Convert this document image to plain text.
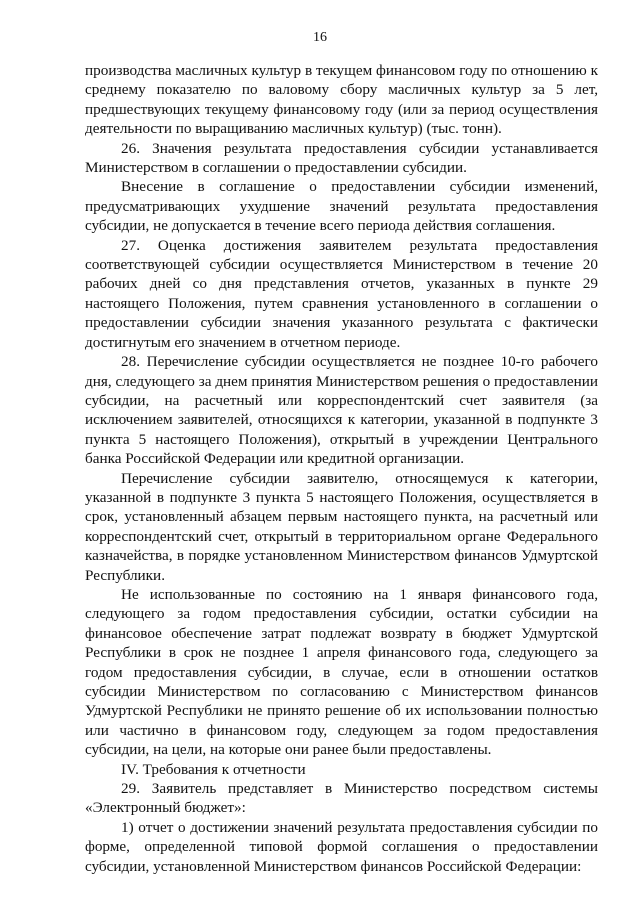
16

производства масличных культур в текущем финансовом году по отношению к среднему показателю по валовому сбору масличных культур за 5 лет, предшествующих текущему финансовому году (или за период осуществления деятельности по выращиванию масличных культур) (тыс. тонн).

26. Значения результата предоставления субсидии устанавливается Министерством в соглашении о предоставлении субсидии.

Внесение в соглашение о предоставлении субсидии изменений, предусматривающих ухудшение значений результата предоставления субсидии, не допускается в течение всего периода действия соглашения.

27. Оценка достижения заявителем результата предоставления соответствующей субсидии осуществляется Министерством в течение 20 рабочих дней со дня представления отчетов, указанных в пункте 29 настоящего Положения, путем сравнения установленного в соглашении о предоставлении субсидии значения указанного результата с фактически достигнутым его значением в отчетном периоде.

28. Перечисление субсидии осуществляется не позднее 10-го рабочего дня, следующего за днем принятия Министерством решения о предоставлении субсидии, на расчетный или корреспондентский счет заявителя (за исключением заявителей, относящихся к категории, указанной в подпункте 3 пункта 5 настоящего Положения), открытый в учреждении Центрального банка Российской Федерации или кредитной организации.

Перечисление субсидии заявителю, относящемуся к категории, указанной в подпункте 3 пункта 5 настоящего Положения, осуществляется в срок, установленный абзацем первым настоящего пункта, на расчетный или корреспондентский счет, открытый в территориальном органе Федерального казначейства, в порядке установленном Министерством финансов Удмуртской Республики.

Не использованные по состоянию на 1 января финансового года, следующего за годом предоставления субсидии, остатки субсидии на финансовое обеспечение затрат подлежат возврату в бюджет Удмуртской Республики в срок не позднее 1 апреля финансового года, следующего за годом предоставления субсидии, в случае, если в отношении остатков субсидии Министерством по согласованию с Министерством финансов Удмуртской Республики не принято решение об их использовании полностью или частично в финансовом году, следующем за годом предоставления субсидии, на цели, на которые они ранее были предоставлены.

IV. Требования к отчетности

29. Заявитель представляет в Министерство посредством системы «Электронный бюджет»:

1) отчет о достижении значений результата предоставления субсидии по форме, определенной типовой формой соглашения о предоставлении субсидии, установленной Министерством финансов Российской Федерации:
